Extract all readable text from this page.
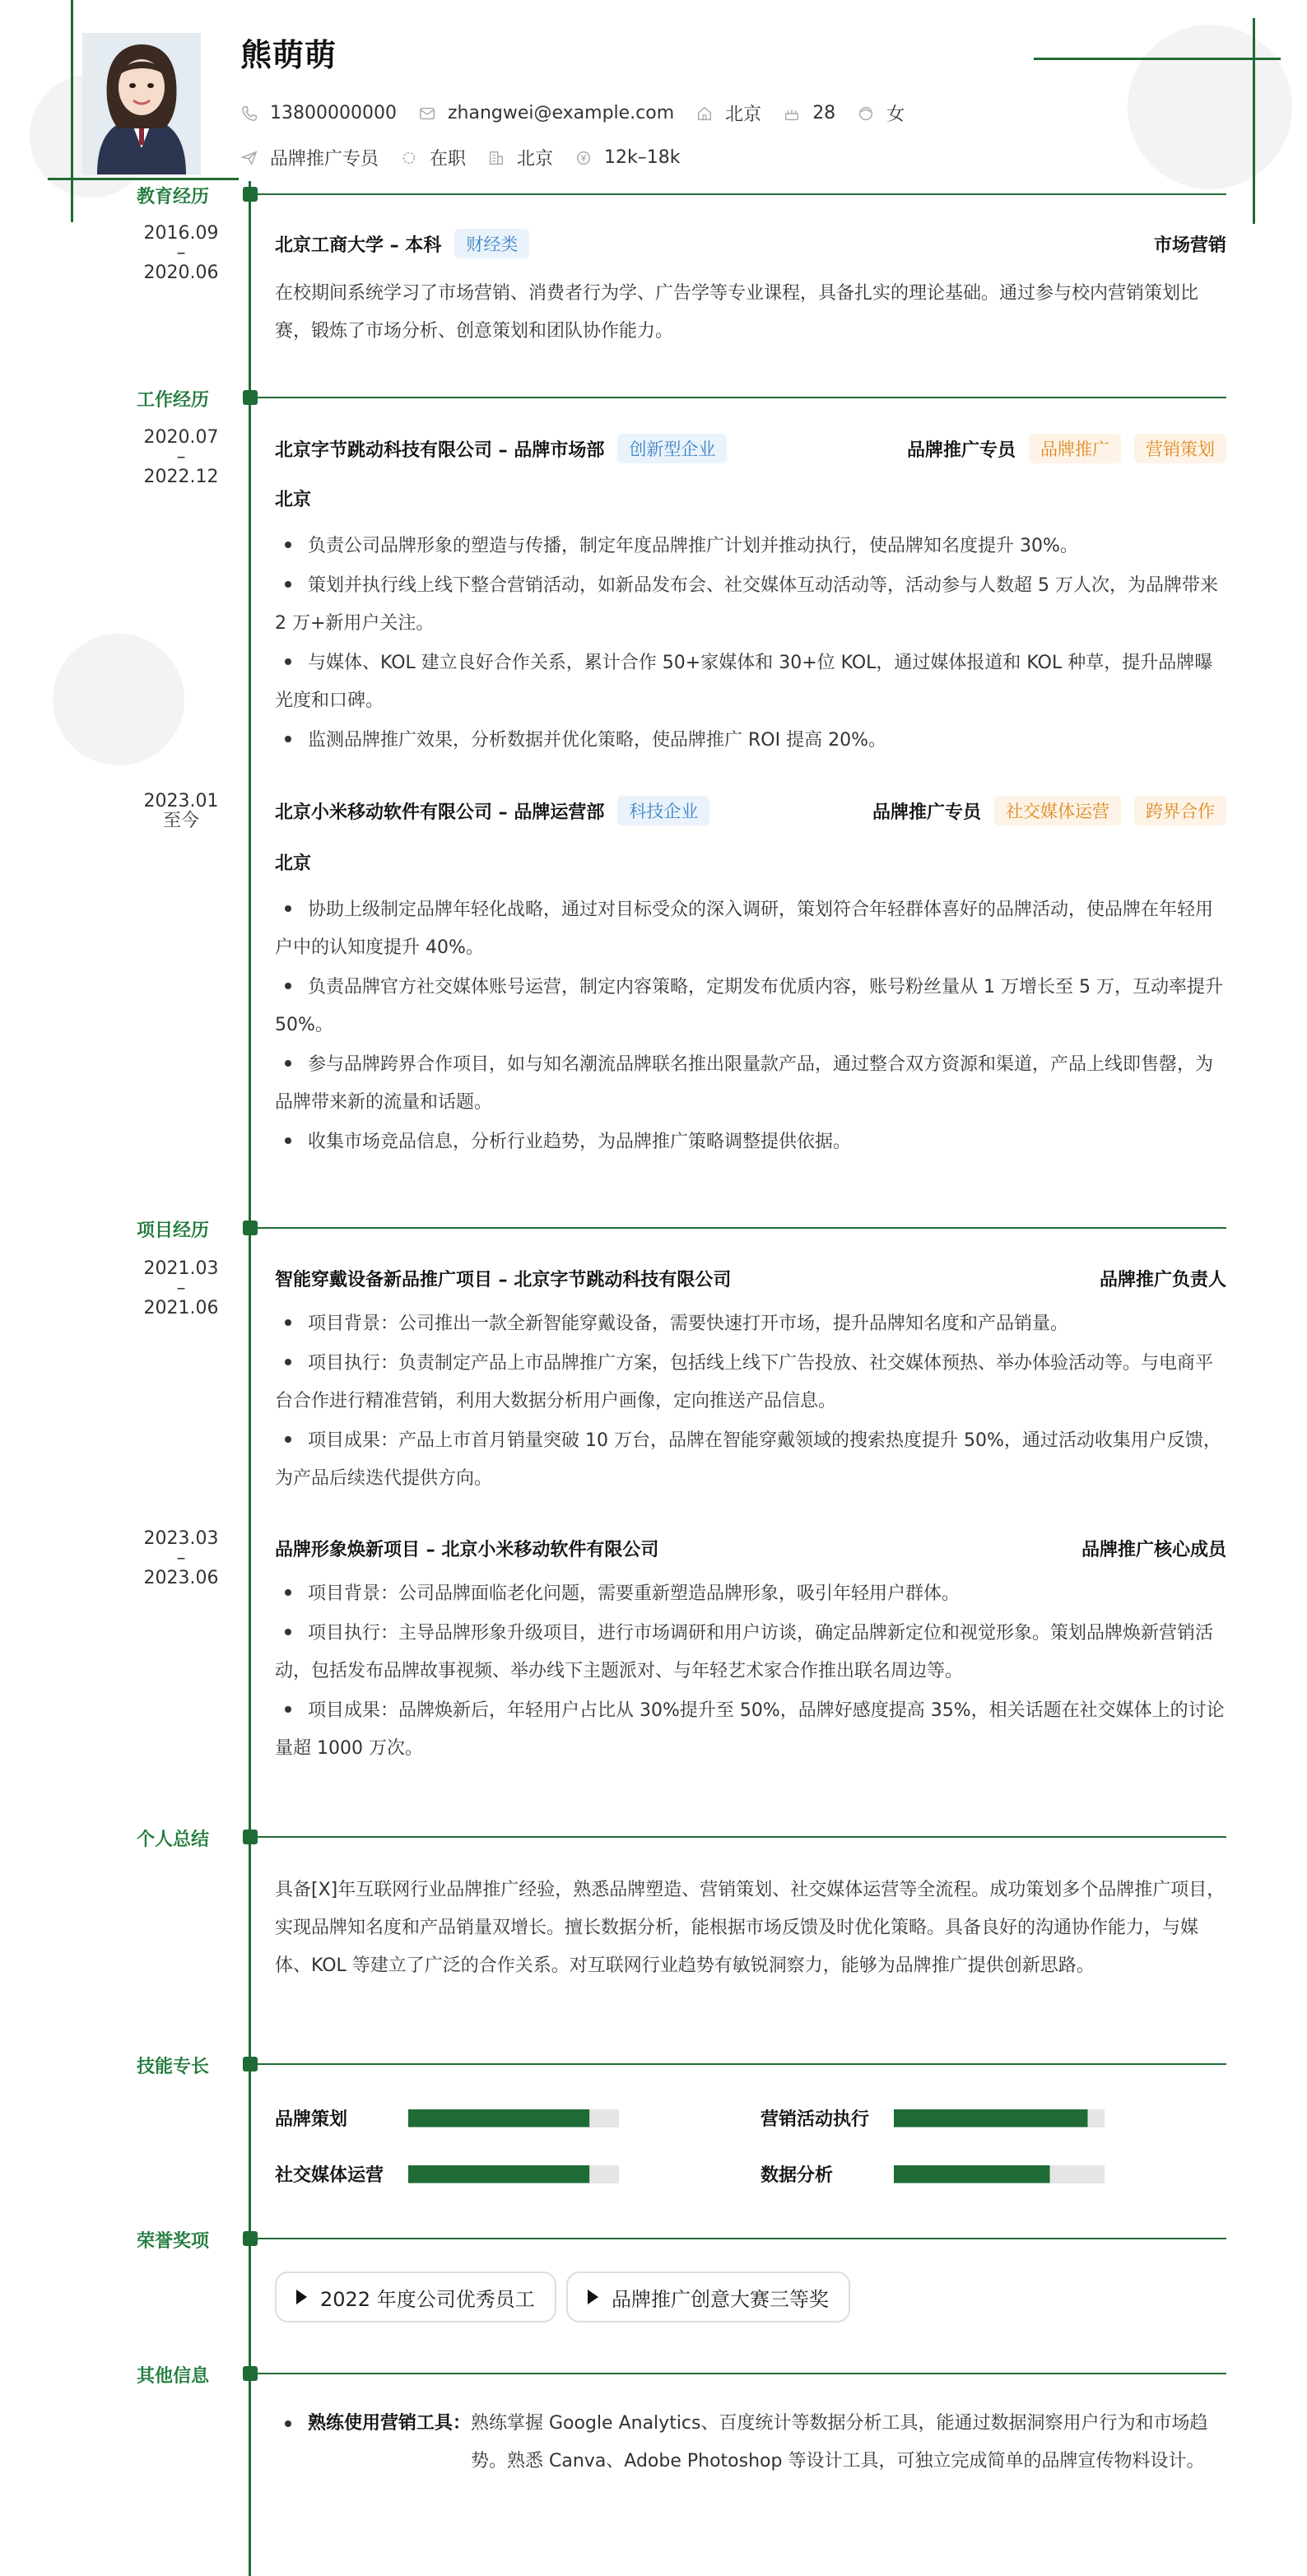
熊萌萌
13800000000	zhangwei@example.com	北京	28	女
品牌推广专员	在职	北京	12k–18k
教育经历
2016.09
–
2020.06
北京工商大学 – 本科	财经类	市场营销
在校期间系统学习了市场营销、消费者行为学、广告学等专业课程，具备扎实的理论基础。通过参与校内营销策划比赛，锻炼了市场分析、创意策划和团队协作能力。
工作经历
2020.07
–
2022.12
北京字节跳动科技有限公司 – 品牌市场部	创新型企业	品牌推广专员	品牌推广	营销策划
北京
负责公司品牌形象的塑造与传播，制定年度品牌推广计划并推动执行，使品牌知名度提升 30%。
策划并执行线上线下整合营销活动，如新品发布会、社交媒体互动活动等，活动参与人数超 5 万人次，为品牌带来 2 万+新用户关注。
与媒体、KOL 建立良好合作关系，累计合作 50+家媒体和 30+位 KOL，通过媒体报道和 KOL 种草，提升品牌曝光度和口碑。
监测品牌推广效果，分析数据并优化策略，使品牌推广 ROI 提高 20%。
2023.01
至今	北京小米移动软件有限公司 – 品牌运营部	科技企业	品牌推广专员	社交媒体运营	跨界合作
北京
协助上级制定品牌年轻化战略，通过对目标受众的深入调研，策划符合年轻群体喜好的品牌活动，使品牌在年轻用户中的认知度提升 40%。
负责品牌官方社交媒体账号运营，制定内容策略，定期发布优质内容，账号粉丝量从 1 万增长至 5 万，互动率提升 50%。
参与品牌跨界合作项目，如与知名潮流品牌联名推出限量款产品，通过整合双方资源和渠道，产品上线即售罄，为品牌带来新的流量和话题。
收集市场竞品信息，分析行业趋势，为品牌推广策略调整提供依据。
项目经历
2021.03
–
2021.06
智能穿戴设备新品推广项目 – 北京字节跳动科技有限公司	品牌推广负责人
项目背景：公司推出一款全新智能穿戴设备，需要快速打开市场，提升品牌知名度和产品销量。
项目执行：负责制定产品上市品牌推广方案，包括线上线下广告投放、社交媒体预热、举办体验活动等。与电商平台合作进行精准营销，利用大数据分析用户画像，定向推送产品信息。
项目成果：产品上市首月销量突破 10 万台，品牌在智能穿戴领域的搜索热度提升 50%，通过活动收集用户反馈，为产品后续迭代提供方向。
2023.03
–
2023.06
品牌形象焕新项目 – 北京小米移动软件有限公司	品牌推广核心成员
项目背景：公司品牌面临老化问题，需要重新塑造品牌形象，吸引年轻用户群体。
项目执行：主导品牌形象升级项目，进行市场调研和用户访谈，确定品牌新定位和视觉形象。策划品牌焕新营销活动，包括发布品牌故事视频、举办线下主题派对、与年轻艺术家合作推出联名周边等。
项目成果：品牌焕新后，年轻用户占比从 30%提升至 50%，品牌好感度提高 35%，相关话题在社交媒体上的讨论量超 1000 万次。
个人总结
具备[X]年互联网行业品牌推广经验，熟悉品牌塑造、营销策划、社交媒体运营等全流程。成功策划多个品牌推广项目，实现品牌知名度和产品销量双增长。擅长数据分析，能根据市场反馈及时优化策略。具备良好的沟通协作能力，与媒体、KOL 等建立了广泛的合作关系。对互联网行业趋势有敏锐洞察力，能够为品牌推广提供创新思路。
技能专长
品牌策划	营销活动执行
社交媒体运营	数据分析
荣誉奖项
2022 年度公司优秀员工	品牌推广创意大赛三等奖
其他信息
熟练使用营销工具： 熟练掌握 Google Analytics、百度统计等数据分析工具，能通过数据洞察用户行为和市场趋势。熟悉 Canva、Adobe Photoshop 等设计工具，可独立完成简单的品牌宣传物料设计。
